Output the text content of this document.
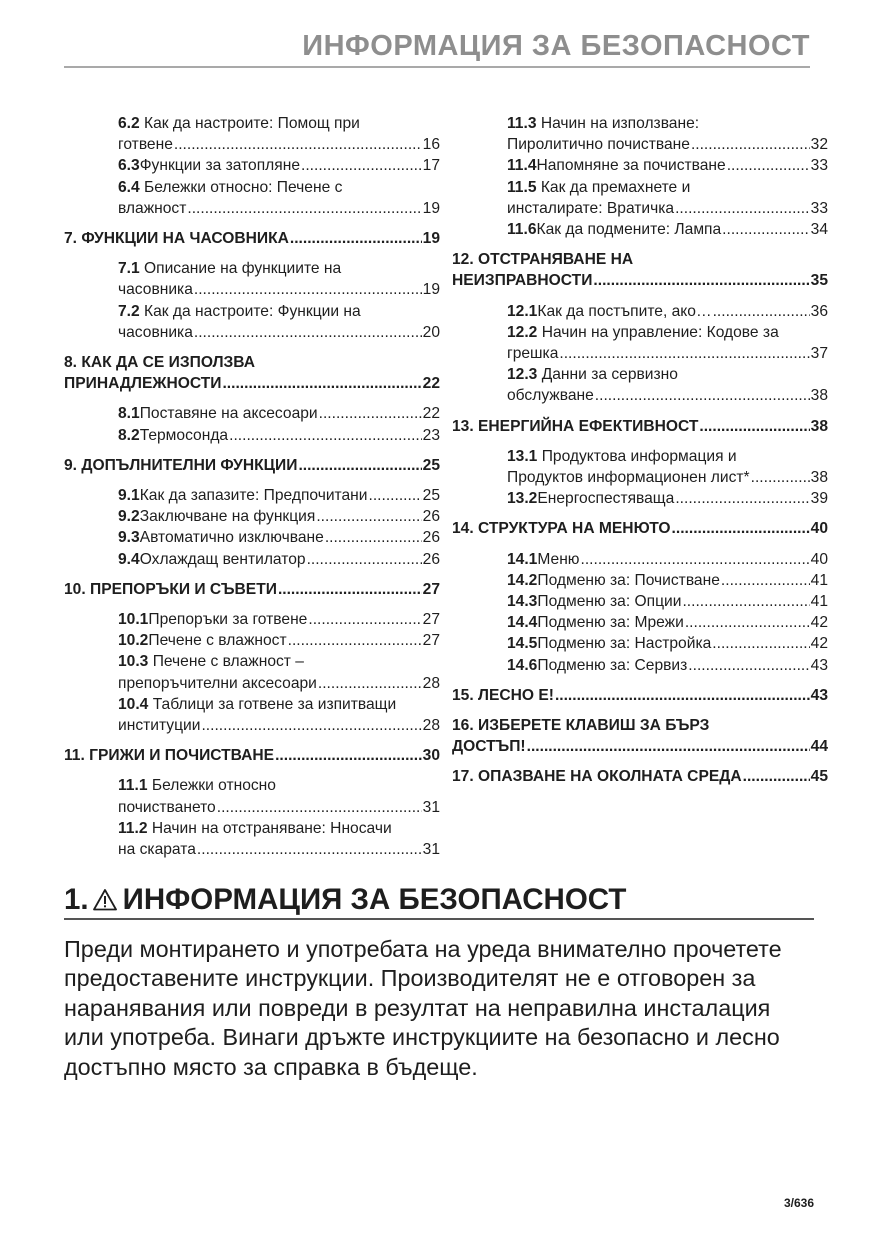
ИНФОРМАЦИЯ ЗА БЕЗОПАСНОСТ
6.2 Как да настроите: Помощ при
готвене .....	16
6.3 Функции за затопляне .....	17
6.4 Бележки относно: Печене с
влажност .....	19
7. ФУНКЦИИ НА ЧАСОВНИКА .....	19
7.1 Описание на функциите на
часовника .....	19
7.2 Как да настроите: Функции на
часовника .....	20
8. КАК ДА СЕ ИЗПОЛЗВА
ПРИНАДЛЕЖНОСТИ .....	22
8.1 Поставяне на аксесоари .....	22
8.2 Термосонда .....	23
9. ДОПЪЛНИТЕЛНИ ФУНКЦИИ .....	25
9.1 Как да запазите: Предпочитани .....	25
9.2 Заключване на функция .....	26
9.3 Автоматично изключване .....	26
9.4 Охлаждащ вентилатор .....	26
10. ПРЕПОРЪКИ И СЪВЕТИ .....	27
10.1 Препоръки за готвене .....	27
10.2 Печене с влажност .....	27
10.3 Печене с влажност –
препоръчителни аксесоари .....	28
10.4 Таблици за готвене за изпитващи
институции .....	28
11. ГРИЖИ И ПОЧИСТВАНЕ .....	30
11.1 Бележки относно
почистването .....	31
11.2 Начин на отстраняване: Нносачи
на скарата .....	31
11.3 Начин на използване:
Пиролитично почистване .....	32
11.4 Напомняне за почистване .....	33
11.5 Как да премахнете и
инсталирате: Вратичка .....	33
11.6 Как да подмените: Лампа .....	34
12. ОТСТРАНЯВАНЕ НА
НЕИЗПРАВНОСТИ .....	35
12.1 Как да постъпите, ако… .....	36
12.2 Начин на управление: Кодове за
грешка .....	37
12.3 Данни за сервизно
обслужване .....	38
13. ЕНЕРГИЙНА ЕФЕКТИВНОСТ .....	38
13.1 Продуктова информация и
Продуктов информационен лист* .....	38
13.2 Енергоспестяваща .....	39
14. СТРУКТУРА НА МЕНЮТО .....	40
14.1 Меню .....	40
14.2 Подменю за: Почистване .....	41
14.3 Подменю за: Опции .....	41
14.4 Подменю за: Мрежи .....	42
14.5 Подменю за: Настройка .....	42
14.6 Подменю за: Сервиз .....	43
15. ЛЕСНО Е! .....	43
16. ИЗБЕРЕТЕ КЛАВИШ ЗА БЪРЗ
ДОСТЪП! .....	44
17. ОПАЗВАНЕ НА ОКОЛНАТА СРЕДА .....	45
1. ИНФОРМАЦИЯ ЗА БЕЗОПАСНОСТ
Преди монтирането и употребата на уреда внимателно прочетете предоставените инструкции. Производителят не е отговорен за наранявания или повреди в резултат на неправилна инсталация или употреба. Винаги дръжте инструкциите на безопасно и лесно достъпно място за справка в бъдеще.
3/636
